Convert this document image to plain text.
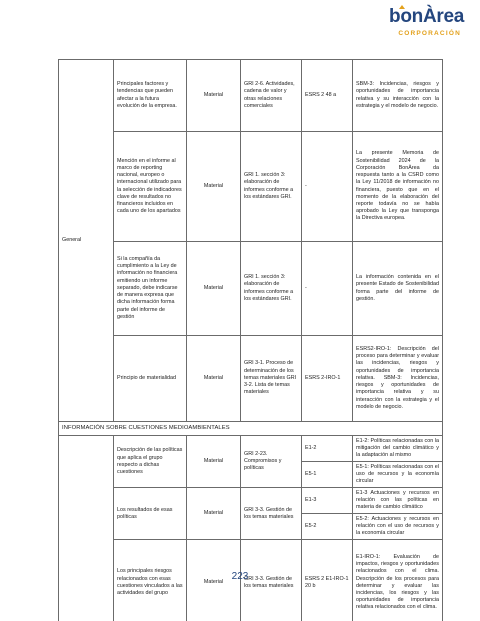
bonÀrea
CORPORACIÓN
General	Principales factores y tendencias que pueden afectar a la futura evolución de la empresa.	Material	GRI 2-6. Actividades, cadena de valor y otras relaciones comerciales	ESRS 2 48 a	SBM-3: Incidencias, riesgos y oportunidades de importancia relativa y su interacción con la estrategia y el modelo de negocio.
	Mención en el informe al marco de reporting nacional, europeo o internacional utilizado para la selección de indicadores clave de resultados no financieros incluidos en cada uno de los apartados	Material	GRI 1. sección 3: elaboración de informes conforme a los estándares GRI.	-	La presente Memoria de Sostenibilidad 2024 de la Corporación BonÀrea da respuesta tanto a la CSRD como la Ley 11/2018 de información no financiera, puesto que en el momento de la elaboración del reporte todavía no se había aprobado la Ley que transponga la Directiva europea.
	Si la compañía da cumplimiento a la Ley de información no financiera emitiendo un informe separado, debe indicarse de manera expresa que dicha información forma parte del informe de gestión	Material	GRI 1. sección 3: elaboración de informes conforme a los estándares GRI.	-	La información contenida en el presente Estado de Sostenibilidad forma parte del informe de gestión.
	Principio de materialidad	Material	GRI 3-1. Proceso de determinación de los temas materiales GRI 3-2. Lista de temas materiales	ESRS 2-IRO-1	ESRS2-IRO-1: Descripción del proceso para determinar y evaluar las incidencias, riesgos y oportunidades de importancia relativa. SBM-3: Incidencias, riesgos y oportunidades de importancia relativa y su interacción con la estrategia y el modelo de negocio.
INFORMACIÓN SOBRE CUESTIONES MEDIOAMBIENTALES					
	Descripción de las políticas que aplica el grupo respecto a dichas cuestiones	Material	GRI 2-23. Compromisos y políticas	E1-2	E1-2: Políticas relacionadas con la mitigación del cambio climático y la adaptación al mismo
				E5-1	E5-1: Políticas relacionadas con el uso de recursos y la economía circular
	Los resultados de esas políticas	Material	GRI 3-3. Gestión de los temas materiales	E1-3	E1-3 Actuaciones y recursos en relación con las políticas en materia de cambio climático
				E5-2	E5-2: Actuaciones y recursos en relación con el uso de recursos y la economía circular
	Los principales riesgos relacionados con esas cuestiones vinculados a las actividades del grupo	Material	GRI 3-3. Gestión de los temas materiales	ESRS 2 E1-IRO-1 20 b	E1-IRO-1: Evaluación de impactos, riesgos y oportunidades relacionados con el clima. Descripción de los procesos para determinar y evaluar las incidencias, los riesgos y las oportunidades de importancia relativa relacionados con el clima.
223
